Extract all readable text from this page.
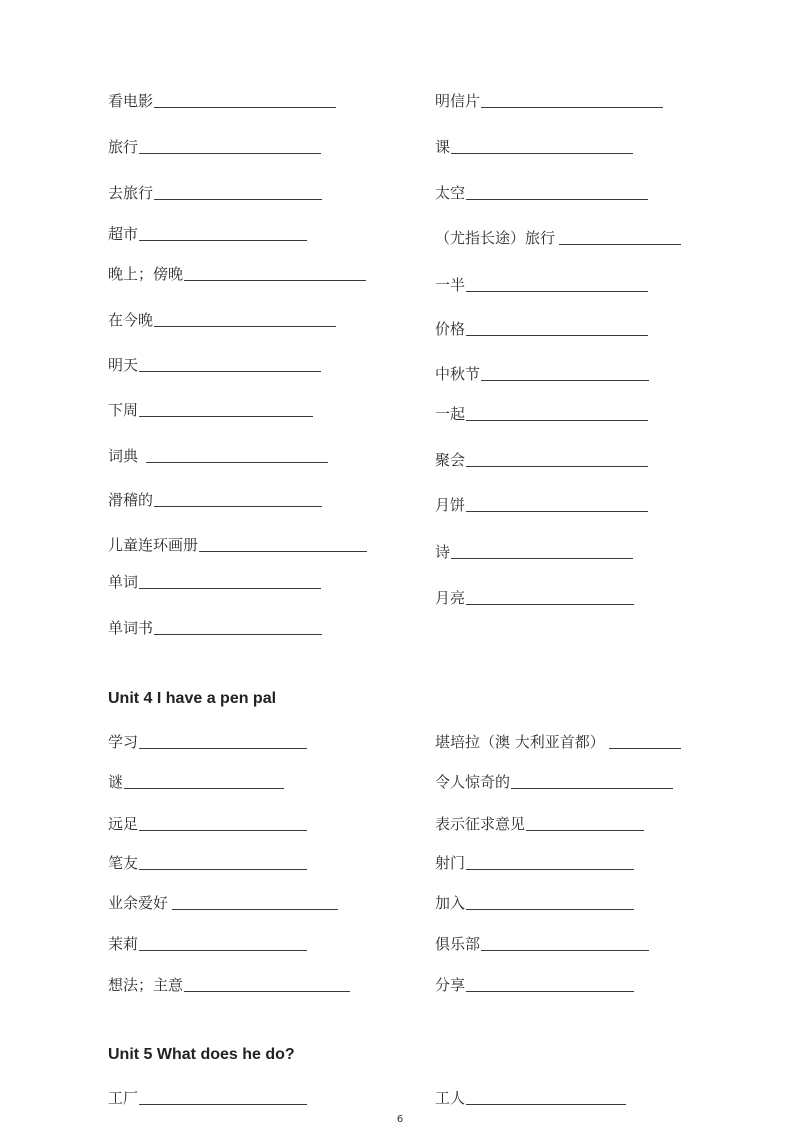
看电影
旅行
去旅行
超市
晚上；傍晚
在今晚
明天
下周
词典
滑稽的
儿童连环画册
单词
单词书
明信片
课
太空
（尤指长途）旅行
一半
价格
中秋节
一起
聚会
月饼
诗
月亮
Unit 4 I have a pen pal
学习
谜
远足
笔友
业余爱好
茉莉
想法；主意
堪培拉（澳 大利亚首都）
令人惊奇的
表示征求意见
射门
加入
俱乐部
分享
Unit 5 What does he do?
工厂	工人
6
